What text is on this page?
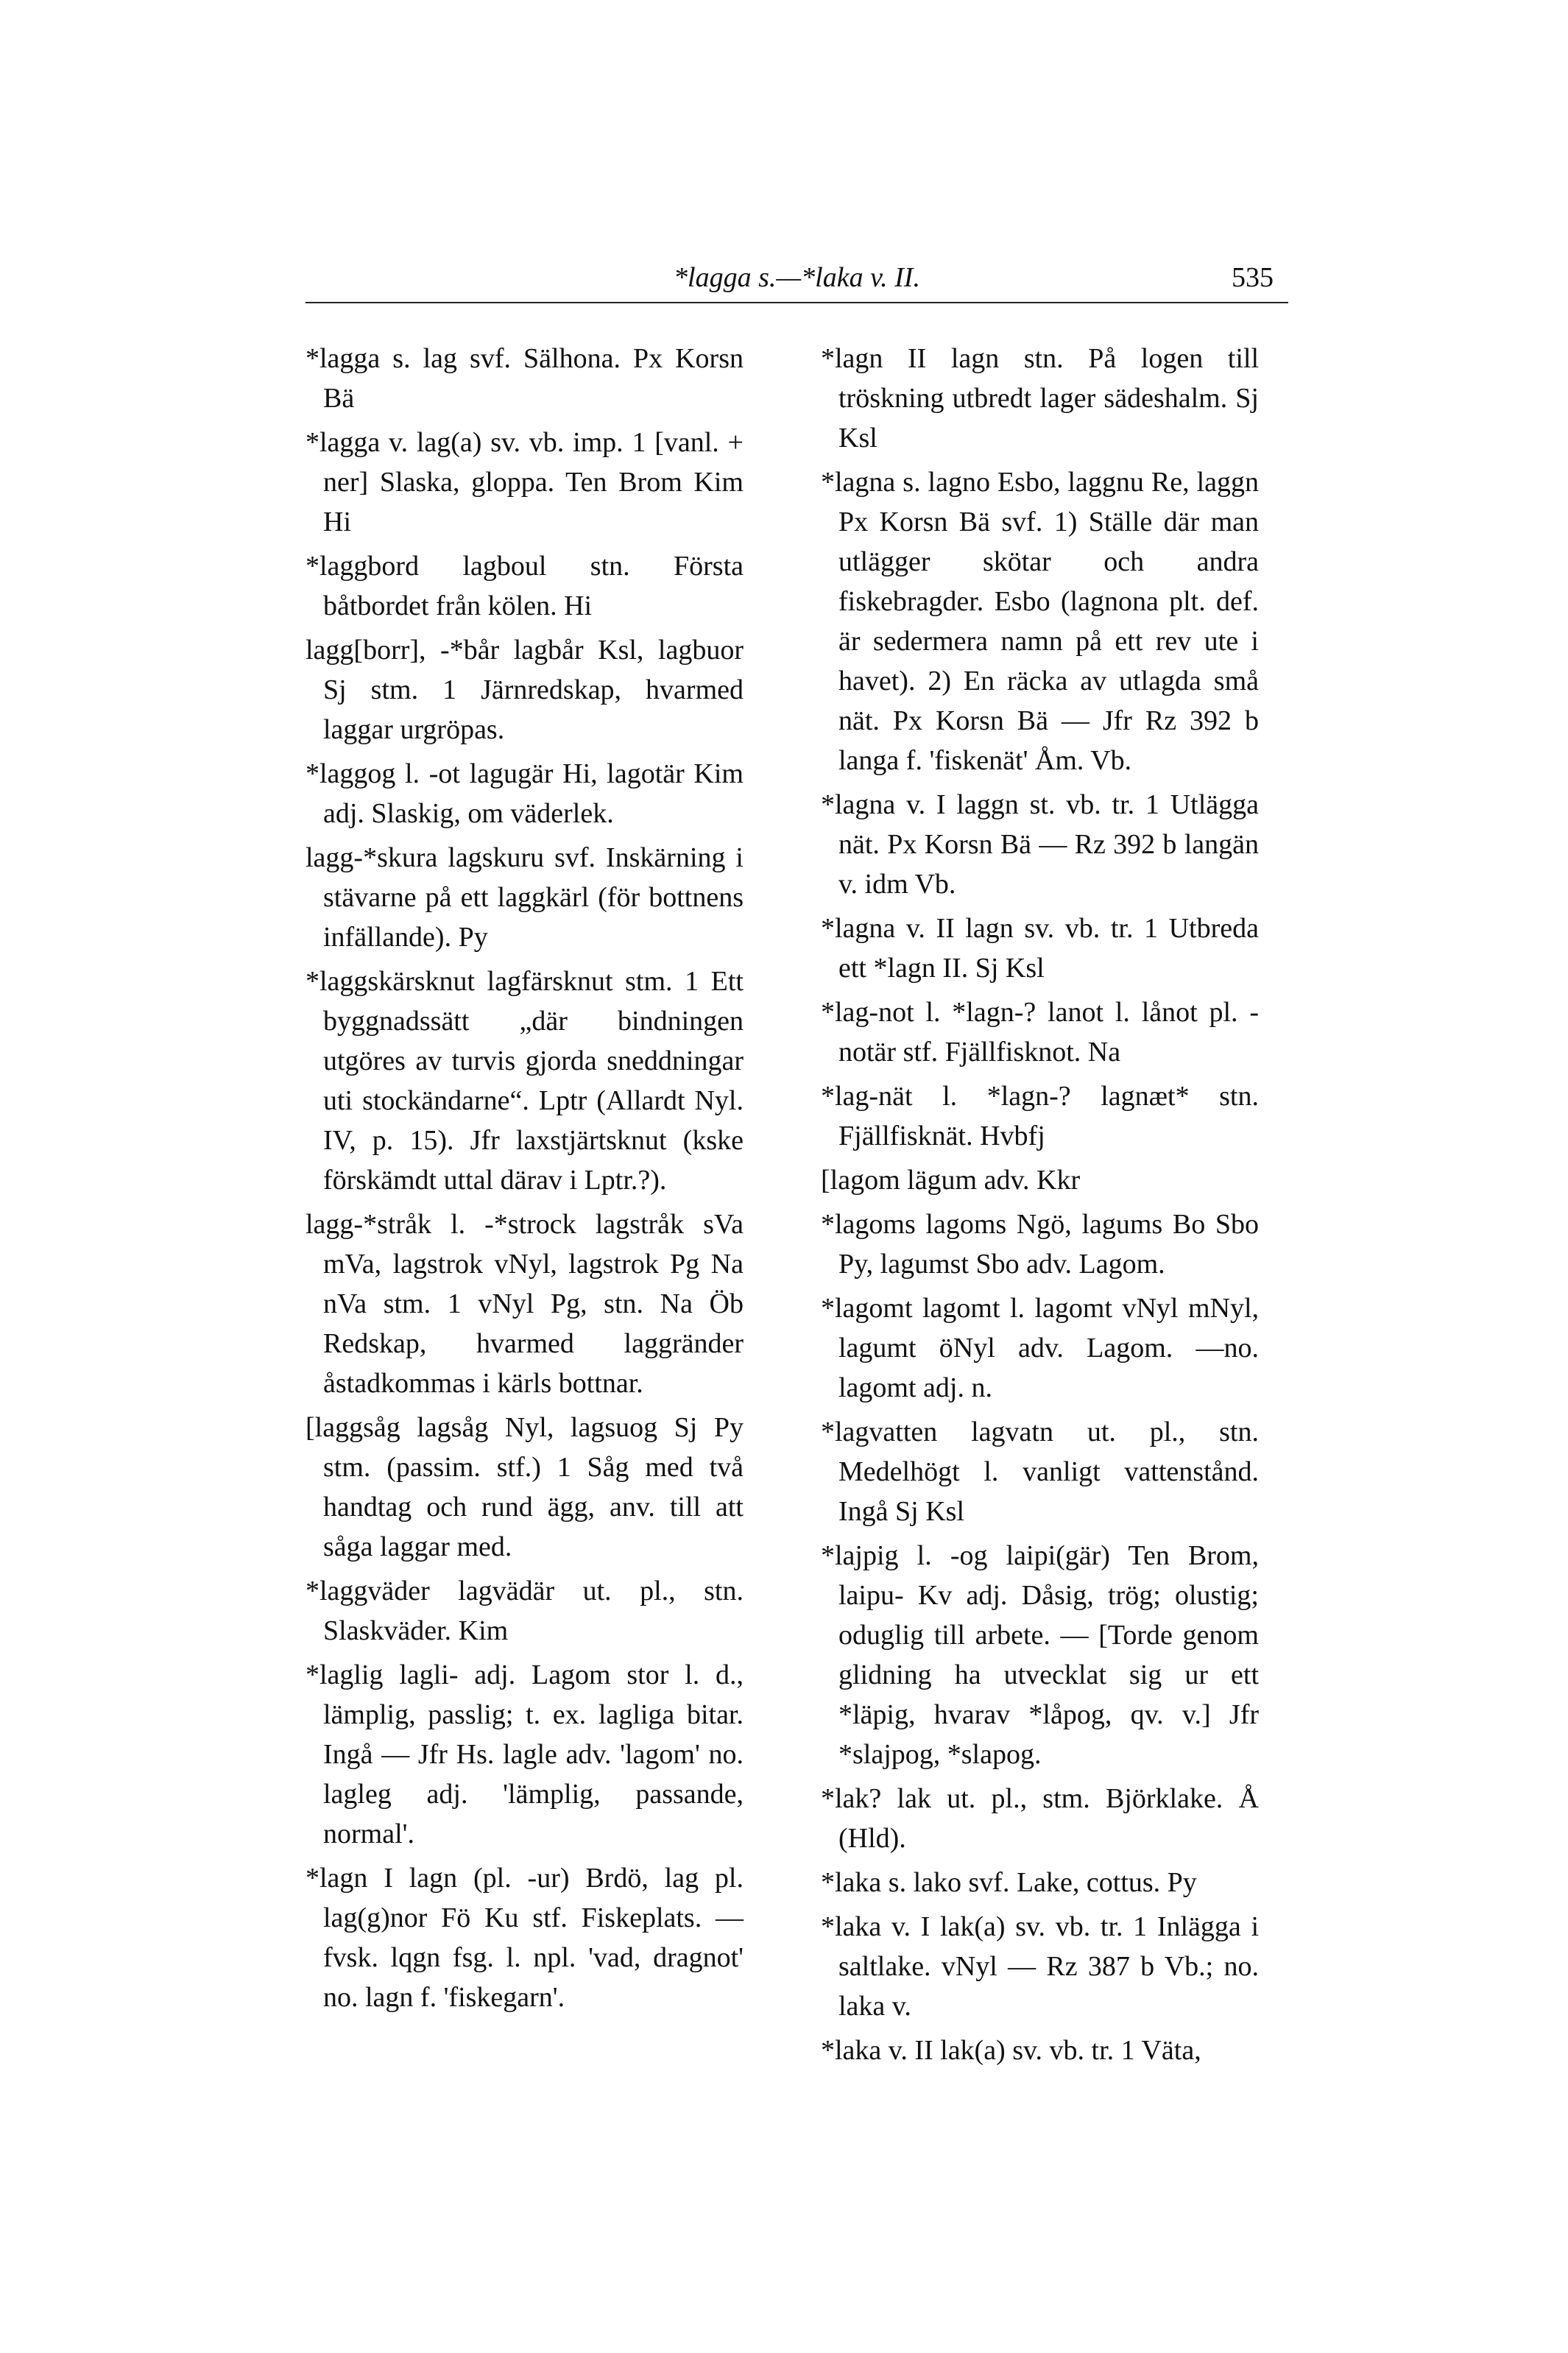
*lagga s.—*laka v. II.	535

*lagga s. lag svf. Sälhona. Px Korsn Bä

*lagga v. lag(a) sv. vb. imp. 1 [vanl. + ner] Slaska, gloppa. Ten Brom Kim Hi

*laggbord lagboul stn. Första båtbordet från kölen. Hi

lagg[borr], -*bår lagbår Ksl, lagbuor Sj stm. 1 Järnredskap, hvarmed laggar urgröpas.

*laggog l. -ot lagugär Hi, lagotär Kim adj. Slaskig, om väderlek.

lagg-*skura lagskuru svf. Inskärning i stävarne på ett laggkärl (för bottnens infällande). Py

*laggskärsknut lagfärsknut stm. 1 Ett byggnadssätt „där bindningen utgöres av turvis gjorda sneddningar uti stockändarne“. Lptr (Allardt Nyl. IV, p. 15). Jfr laxstjärtsknut (kske förskämdt uttal därav i Lptr.?).

lagg-*stråk l. -*strock lagstråk sVa mVa, lagstrok vNyl, lagstrok Pg Na nVa stm. 1 vNyl Pg, stn. Na Öb Redskap, hvarmed laggränder åstadkommas i kärls bottnar.

[laggsåg lagsåg Nyl, lagsuog Sj Py stm. (passim. stf.) 1 Såg med två handtag och rund ägg, anv. till att såga laggar med.

*laggväder lagvädär ut. pl., stn. Slaskväder. Kim

*laglig lagli- adj. Lagom stor l. d., lämplig, passlig; t. ex. lagliga bitar. Ingå — Jfr Hs. lagle adv. 'lagom' no. lagleg adj. 'lämplig, passande, normal'.

*lagn I lagn (pl. -ur) Brdö, lag pl. lag(g)nor Fö Ku stf. Fiskeplats. — fvsk. lqgn fsg. l. npl. 'vad, dragnot' no. lagn f. 'fiskegarn'.

*lagn II lagn stn. På logen till tröskning utbredt lager sädeshalm. Sj Ksl

*lagna s. lagno Esbo, laggnu Re, laggn Px Korsn Bä svf. 1) Ställe där man utlägger skötar och andra fiskebragder. Esbo (lagnona plt. def. är sedermera namn på ett rev ute i havet). 2) En räcka av utlagda små nät. Px Korsn Bä — Jfr Rz 392 b langa f. 'fiskenät' Åm. Vb.

*lagna v. I laggn st. vb. tr. 1 Utlägga nät. Px Korsn Bä — Rz 392 b langän v. idm Vb.

*lagna v. II lagn sv. vb. tr. 1 Utbreda ett *lagn II. Sj Ksl

*lag-not l. *lagn-? lanot l. lånot pl. -notär stf. Fjällfisknot. Na

*lag-nät l. *lagn-? lagnæt* stn. Fjällfisknät. Hvbfj

[lagom lägum adv. Kkr

*lagoms lagoms Ngö, lagums Bo Sbo Py, lagumst Sbo adv. Lagom.

*lagomt lagomt l. lagomt vNyl mNyl, lagumt öNyl adv. Lagom. —no. lagomt adj. n.

*lagvatten lagvatn ut. pl., stn. Medelhögt l. vanligt vattenstånd. Ingå Sj Ksl

*lajpig l. -og laipi(gär) Ten Brom, laipu- Kv adj. Dåsig, trög; olustig; oduglig till arbete. — [Torde genom glidning ha utvecklat sig ur ett *läpig, hvarav *låpog, qv. v.] Jfr *slajpog, *slapog.

*lak? lak ut. pl., stm. Björklake. Å (Hld).

*laka s. lako svf. Lake, cottus. Py

*laka v. I lak(a) sv. vb. tr. 1 Inlägga i saltlake. vNyl — Rz 387 b Vb.; no. laka v.

*laka v. II lak(a) sv. vb. tr. 1 Väta,
